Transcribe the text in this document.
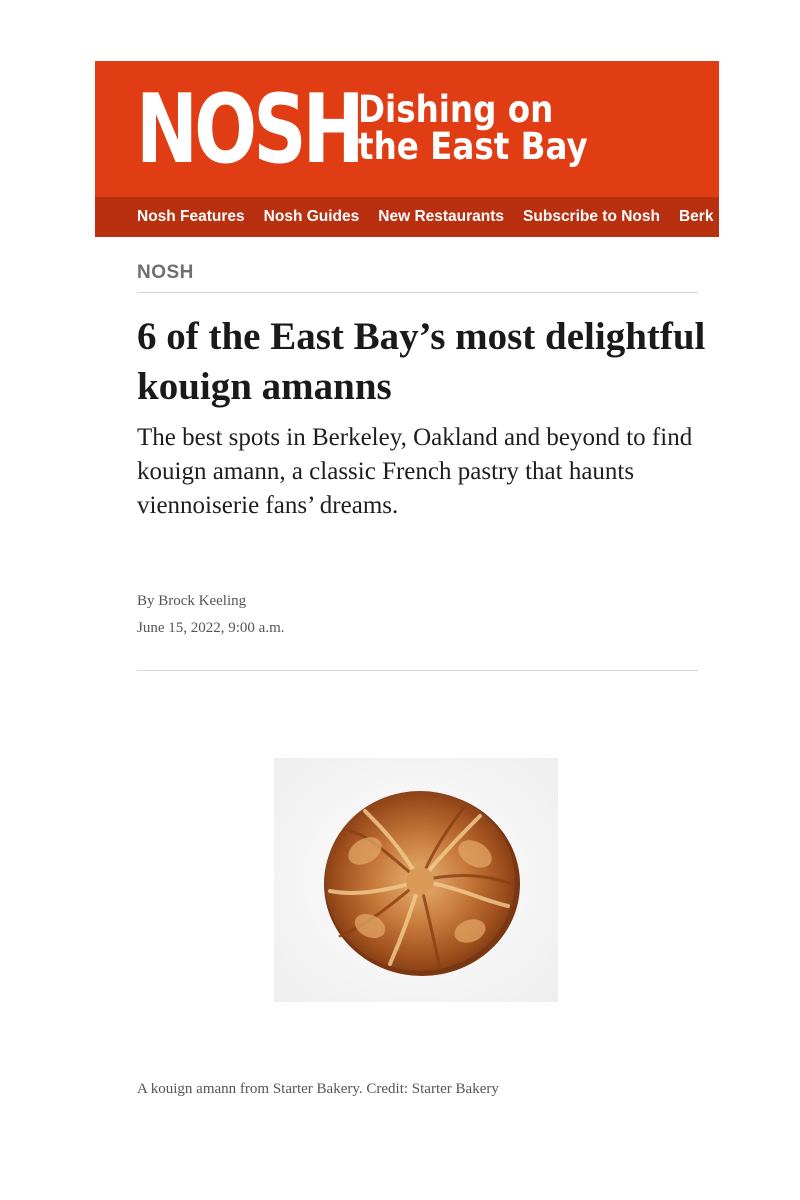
NOSH
Dishing on
the East Bay
Nosh Features Nosh Guides New Restaurants Subscribe to Nosh Berk
NOSH
6 of the East Bay’s most delightful kouign amanns

The best spots in Berkeley, Oakland and beyond to find kouign amann, a classic French pastry that haunts viennoiserie fans’ dreams.

By Brock Keeling
June 15, 2022, 9:00 a.m.
A kouign amann from Starter Bakery. Credit: Starter Bakery
